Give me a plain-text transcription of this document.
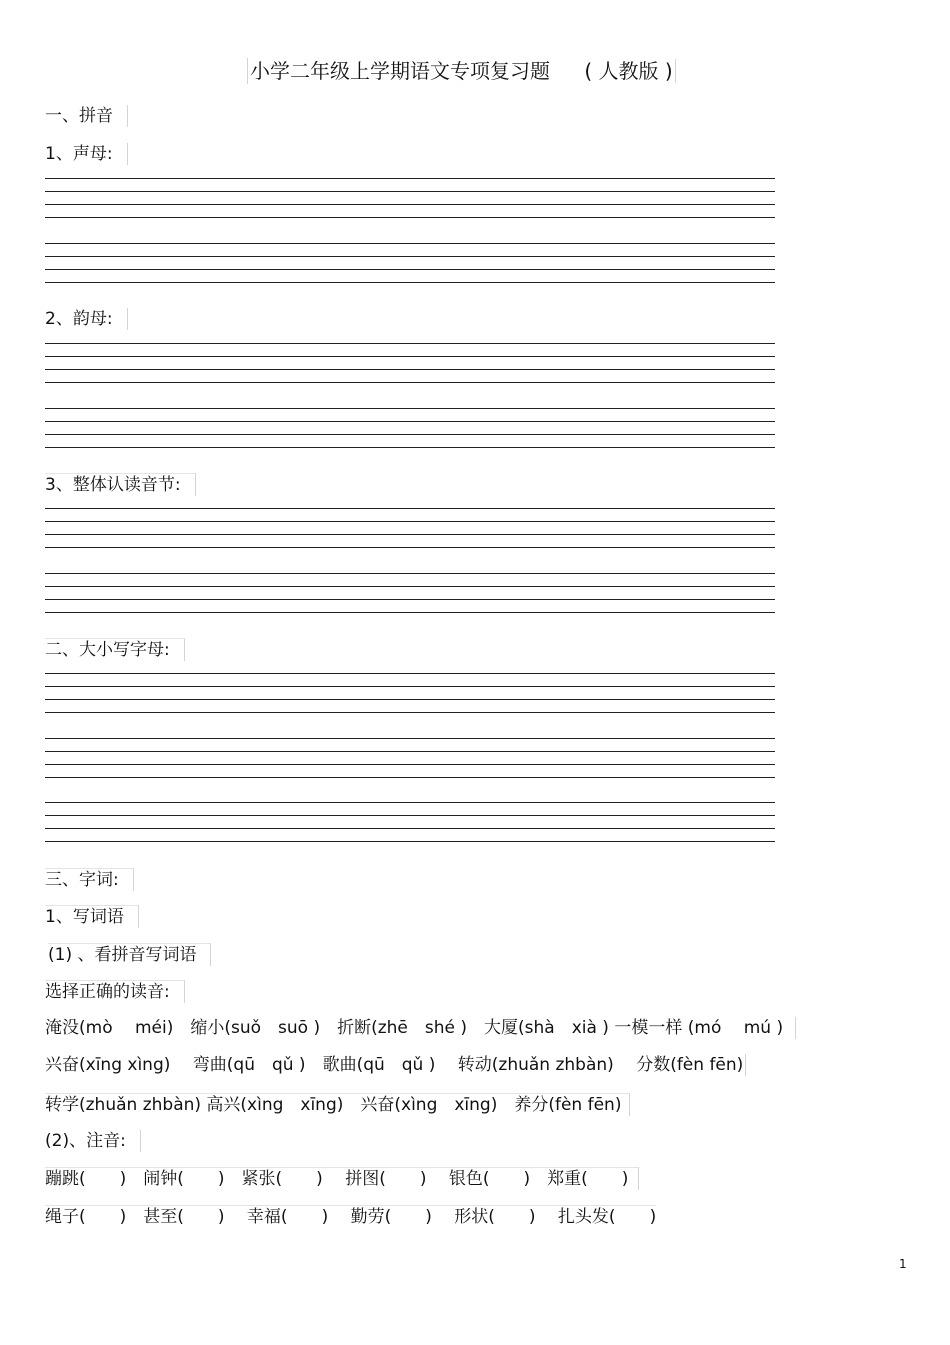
小学二年级上学期语文专项复习题 ( 人教版 )
一、拼音
1、声母:
2、韵母:
3、整体认读音节:
二、大小写字母:
三、字词:
1、写词语
(1) 、看拼音写词语
选择正确的读音:
淹没(mò　 méi)　缩小(suǒ　suō )　折断(zhē　shé )　大厦(shà　xià ) 一模一样 (mó　 mú )
兴奋(xīng xìng)　 弯曲(qū　qǔ )　歌曲(qū　qǔ )　 转动(zhuǎn zhbàn)　 分数(fèn fēn)
转学(zhuǎn zhbàn) 高兴(xìng　xīng)　兴奋(xìng　xīng)　养分(fèn fēn)
(2)、注音:
蹦跳(　　)　闹钟(　　)　紧张(　　)　 拼图(　　)　 银色(　　)　郑重(　　)
绳子(　　)　甚至(　　)　 幸福(　　)　 勤劳(　　)　 形状(　　)　 扎头发(　　)
1
